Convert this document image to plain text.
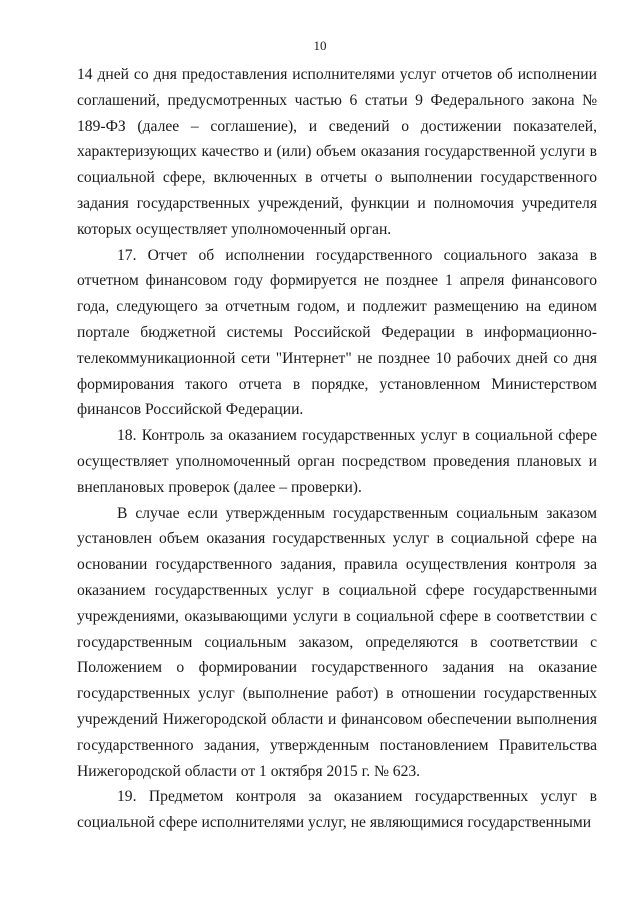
10

14 дней со дня предоставления исполнителями услуг отчетов об исполнении соглашений, предусмотренных частью 6 статьи 9 Федерального закона № 189-ФЗ (далее – соглашение), и сведений о достижении показателей, характеризующих качество и (или) объем оказания государственной услуги в социальной сфере, включенных в отчеты о выполнении государственного задания государственных учреждений, функции и полномочия учредителя которых осуществляет уполномоченный орган.

17. Отчет об исполнении государственного социального заказа в отчетном финансовом году формируется не позднее 1 апреля финансового года, следующего за отчетным годом, и подлежит размещению на едином портале бюджетной системы Российской Федерации в информационно-телекоммуникационной сети "Интернет" не позднее 10 рабочих дней со дня формирования такого отчета в порядке, установленном Министерством финансов Российской Федерации.

18. Контроль за оказанием государственных услуг в социальной сфере осуществляет уполномоченный орган посредством проведения плановых и внеплановых проверок (далее – проверки).

В случае если утвержденным государственным социальным заказом установлен объем оказания государственных услуг в социальной сфере на основании государственного задания, правила осуществления контроля за оказанием государственных услуг в социальной сфере государственными учреждениями, оказывающими услуги в социальной сфере в соответствии с государственным социальным заказом, определяются в соответствии с Положением о формировании государственного задания на оказание государственных услуг (выполнение работ) в отношении государственных учреждений Нижегородской области и финансовом обеспечении выполнения государственного задания, утвержденным постановлением Правительства Нижегородской области от 1 октября 2015 г. № 623.

19. Предметом контроля за оказанием государственных услуг в социальной сфере исполнителями услуг, не являющимися государственными
